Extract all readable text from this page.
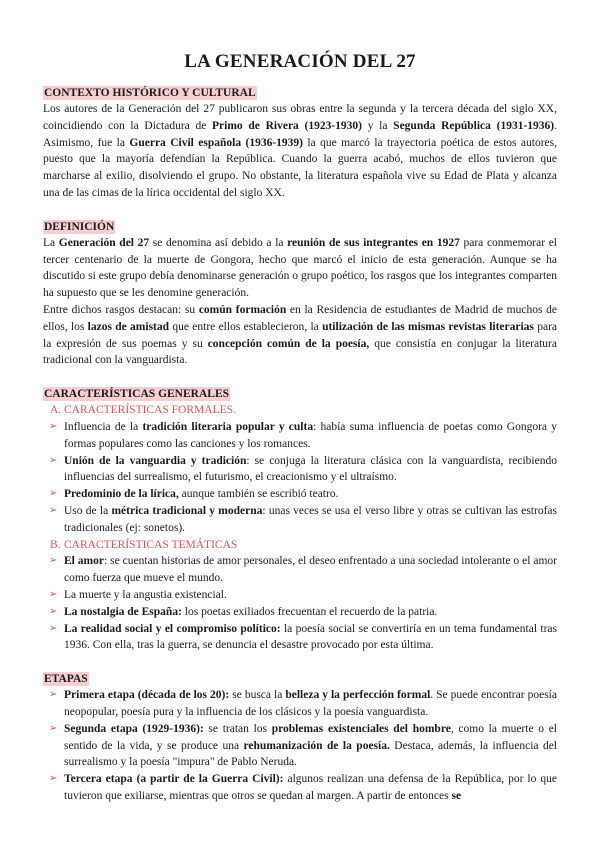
LA GENERACIÓN DEL 27
CONTEXTO HISTÓRICO Y CULTURAL

Los autores de la Generación del 27 publicaron sus obras entre la segunda y la tercera década del siglo XX, coincidiendo con la Dictadura de Primo de Rivera (1923-1930) y la Segunda República (1931-1936). Asimismo, fue la Guerra Civil española (1936-1939) la que marcó la trayectoria poética de estos autores, puesto que la mayoría defendían la República. Cuando la guerra acabó, muchos de ellos tuvieron que marcharse al exilio, disolviendo el grupo. No obstante, la literatura española vive su Edad de Plata y alcanza una de las cimas de la lírica occidental del siglo XX.

DEFINICIÓN

La Generación del 27 se denomina así debido a la reunión de sus integrantes en 1927 para conmemorar el tercer centenario de la muerte de Gongora, hecho que marcó el inicio de esta generación. Aunque se ha discutido si este grupo debía denominarse generación o grupo poético, los rasgos que los integrantes comparten ha supuesto que se les denomine generación.

Entre dichos rasgos destacan: su común formación en la Residencia de estudiantes de Madrid de muchos de ellos, los lazos de amistad que entre ellos establecieron, la utilización de las mismas revistas literarias para la expresión de sus poemas y su concepción común de la poesía, que consistía en conjugar la literatura tradicional con la vanguardista.

CARACTERÍSTICAS GENERALES
A. CARACTERÍSTICAS FORMALES.
➢ Influencia de la tradición literaria popular y culta: había suma influencia de poetas como Gongora y formas populares como las canciones y los romances.
➢ Unión de la vanguardia y tradición: se conjuga la literatura clásica con la vanguardista, recibiendo influencias del surrealismo, el futurismo, el creacionismo y el ultraísmo.
➢ Predominio de la lírica, aunque también se escribió teatro.
➢ Uso de la métrica tradicional y moderna: unas veces se usa el verso libre y otras se cultivan las estrofas tradicionales (ej: sonetos).
B. CARACTERÍSTICAS TEMÁTICAS
➢ El amor: se cuentan historias de amor personales, el deseo enfrentado a una sociedad intolerante o el amor como fuerza que mueve el mundo.
➢ La muerte y la angustia existencial.
➢ La nostalgia de España: los poetas exiliados frecuentan el recuerdo de la patria.
➢ La realidad social y el compromiso político: la poesía social se convertiría en un tema fundamental tras 1936. Con ella, tras la guerra, se denuncia el desastre provocado por esta última.
ETAPAS
➢ Primera etapa (década de los 20): se busca la belleza y la perfección formal. Se puede encontrar poesía neopopular, poesía pura y la influencia de los clásicos y la poesía vanguardista.
➢ Segunda etapa (1929-1936): se tratan los problemas existenciales del hombre, como la muerte o el sentido de la vida, y se produce una rehumanización de la poesía. Destaca, además, la influencia del surrealismo y la poesía "impura" de Pablo Neruda.
➢ Tercera etapa (a partir de la Guerra Civil): algunos realizan una defensa de la República, por lo que tuvieron que exiliarse, mientras que otros se quedan al margen. A partir de entonces se
